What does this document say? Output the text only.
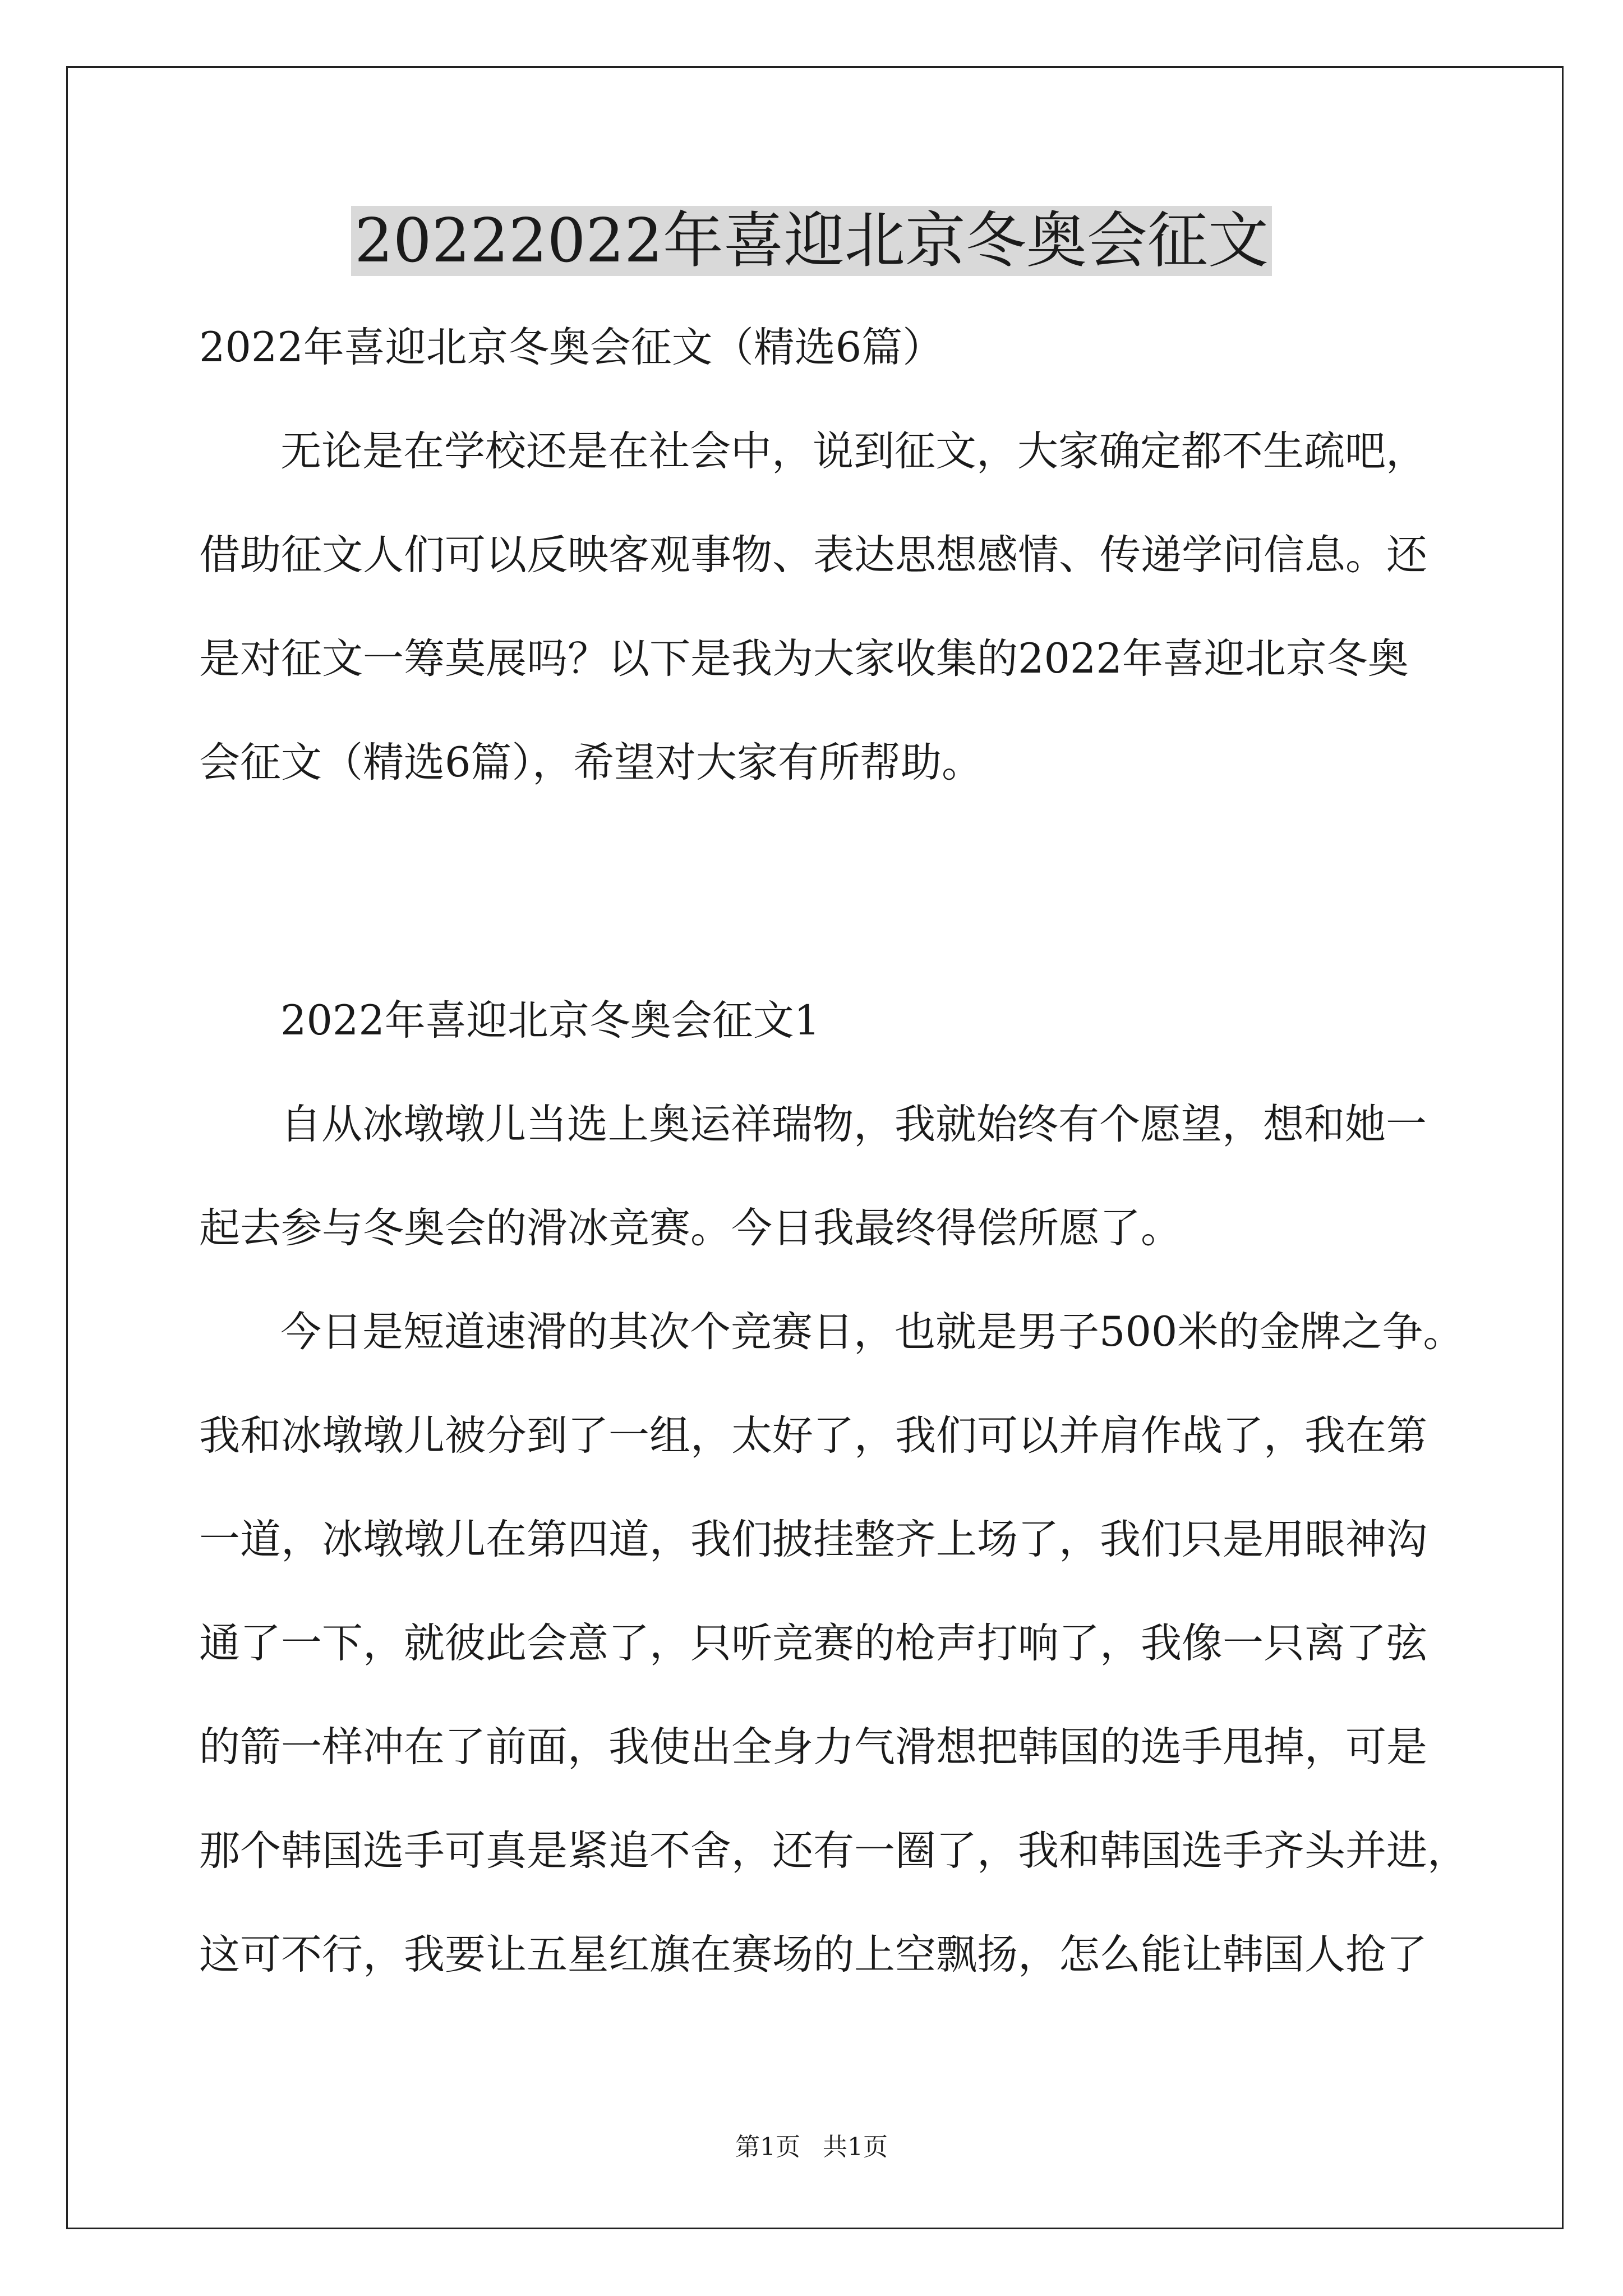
20222022年喜迎北京冬奥会征文
2022年喜迎北京冬奥会征文（精选6篇）
无论是在学校还是在社会中，说到征文，大家确定都不生疏吧，
借助征文人们可以反映客观事物、表达思想感情、传递学问信息。还
是对征文一筹莫展吗？以下是我为大家收集的2022年喜迎北京冬奥
会征文（精选6篇），希望对大家有所帮助。
2022年喜迎北京冬奥会征文1
自从冰墩墩儿当选上奥运祥瑞物，我就始终有个愿望，想和她一
起去参与冬奥会的滑冰竞赛。今日我最终得偿所愿了。
今日是短道速滑的其次个竞赛日，也就是男子500米的金牌之争。
我和冰墩墩儿被分到了一组，太好了，我们可以并肩作战了，我在第
一道，冰墩墩儿在第四道，我们披挂整齐上场了，我们只是用眼神沟
通了一下，就彼此会意了，只听竞赛的枪声打响了，我像一只离了弦
的箭一样冲在了前面，我使出全身力气滑想把韩国的选手甩掉，可是
那个韩国选手可真是紧追不舍，还有一圈了，我和韩国选手齐头并进，
这可不行，我要让五星红旗在赛场的上空飘扬，怎么能让韩国人抢了
第1页 共1页
